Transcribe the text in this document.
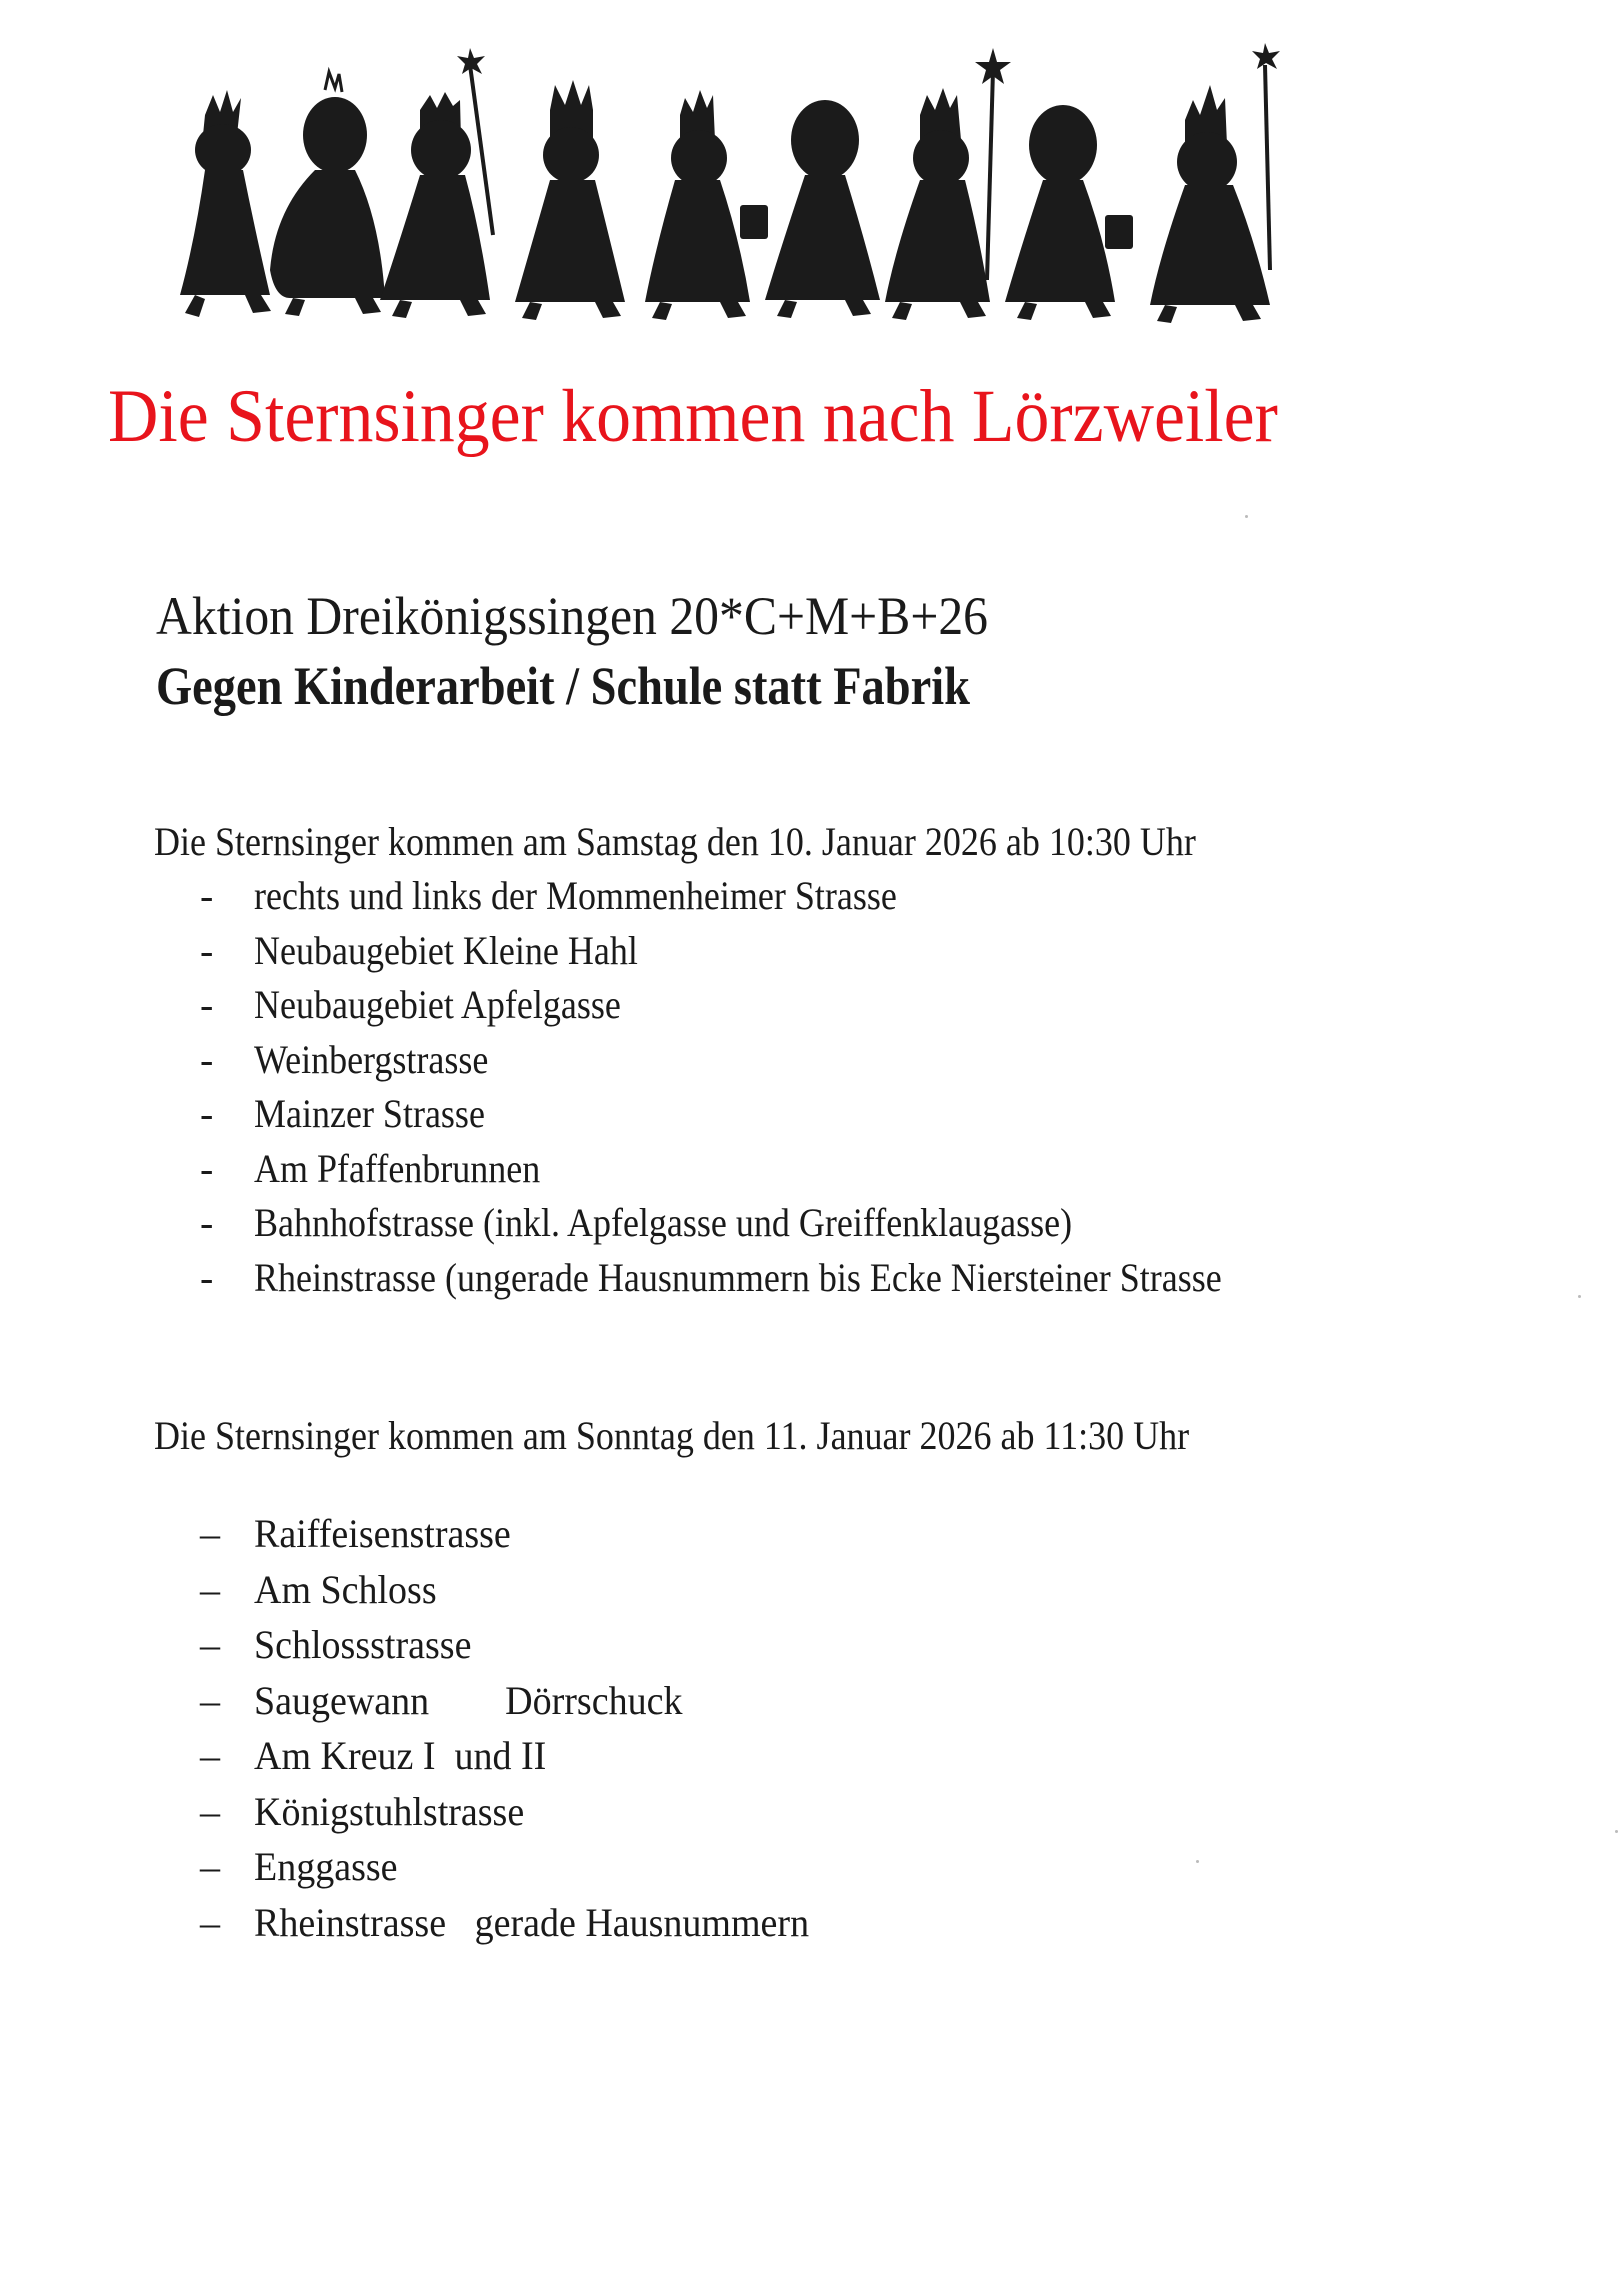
Die Sternsinger kommen nach Lörzweiler
Aktion Dreikönigssingen 20*C+M+B+26
Gegen Kinderarbeit / Schule statt Fabrik
Die Sternsinger kommen am Samstag den 10. Januar 2026 ab 10:30 Uhr
- rechts und links der Mommenheimer Strasse
- Neubaugebiet Kleine Hahl
- Neubaugebiet Apfelgasse
- Weinbergstrasse
- Mainzer Strasse
- Am Pfaffenbrunnen
- Bahnhofstrasse (inkl. Apfelgasse und Greiffenklaugasse)
- Rheinstrasse (ungerade Hausnummern bis Ecke Niersteiner Strasse
Die Sternsinger kommen am Sonntag den 11. Januar 2026 ab 11:30 Uhr
– Raiffeisenstrasse
– Am Schloss
– Schlossstrasse
– Saugewann        Dörrschuck
– Am Kreuz I  und II
– Königstuhlstrasse
– Enggasse
– Rheinstrasse   gerade Hausnummern
